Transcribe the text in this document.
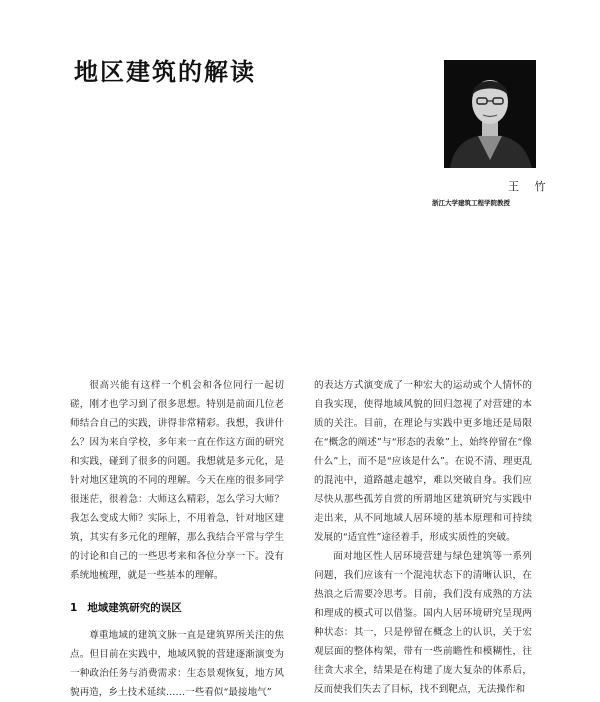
地区建筑的解读
王 竹
浙江大学建筑工程学院教授

很高兴能有这样一个机会和各位同行一起切磋，刚才也学习到了很多思想。特别是前面几位老师结合自己的实践，讲得非常精彩。我想，我讲什么？因为来自学校，多年来一直在作这方面的研究和实践，碰到了很多的问题。我想就是多元化，是针对地区建筑的不同的理解。今天在座的很多同学很迷茫，很着急：大师这么精彩，怎么学习大师？我怎么变成大师？实际上，不用着急，针对地区建筑，其实有多元化的理解，那么我结合平常与学生的讨论和自己的一些思考来和各位分享一下。没有系统地梳理，就是一些基本的理解。

1 地域建筑研究的误区

尊重地域的建筑文脉一直是建筑界所关注的焦点。但目前在实践中，地域风貌的营建逐渐演变为一种政治任务与消费需求：生态景观恢复，地方风貌再造，乡土技术延续……一些看似“最接地气”

的表达方式演变成了一种宏大的运动或个人情怀的自我实现，使得地域风貌的回归忽视了对营建的本质的关注。目前，在理论与实践中更多地还是局限在“概念的阐述”与“形态的表象”上，始终停留在“像什么”上，而不是“应该是什么”。在说不清、理更乱的混沌中，道路越走越窄，难以突破自身。我们应尽快从那些孤芳自赏的所谓地区建筑研究与实践中走出来，从不同地域人居环境的基本原理和可持续发展的“适宜性”途径着手，形成实质性的突破。

面对地区性人居环境营建与绿色建筑等一系列问题，我们应该有一个混沌状态下的清晰认识，在热浪之后需要冷思考。目前，我们没有成熟的方法和理成的模式可以借鉴。国内人居环境研究呈现两种状态：其一，只是停留在概念上的认识，关于宏观层面的整体构架，带有一些前瞻性和模糊性，往往贪大求全，结果是在构建了庞大复杂的体系后，反而使我们失去了目标，找不到靶点，无法操作和
